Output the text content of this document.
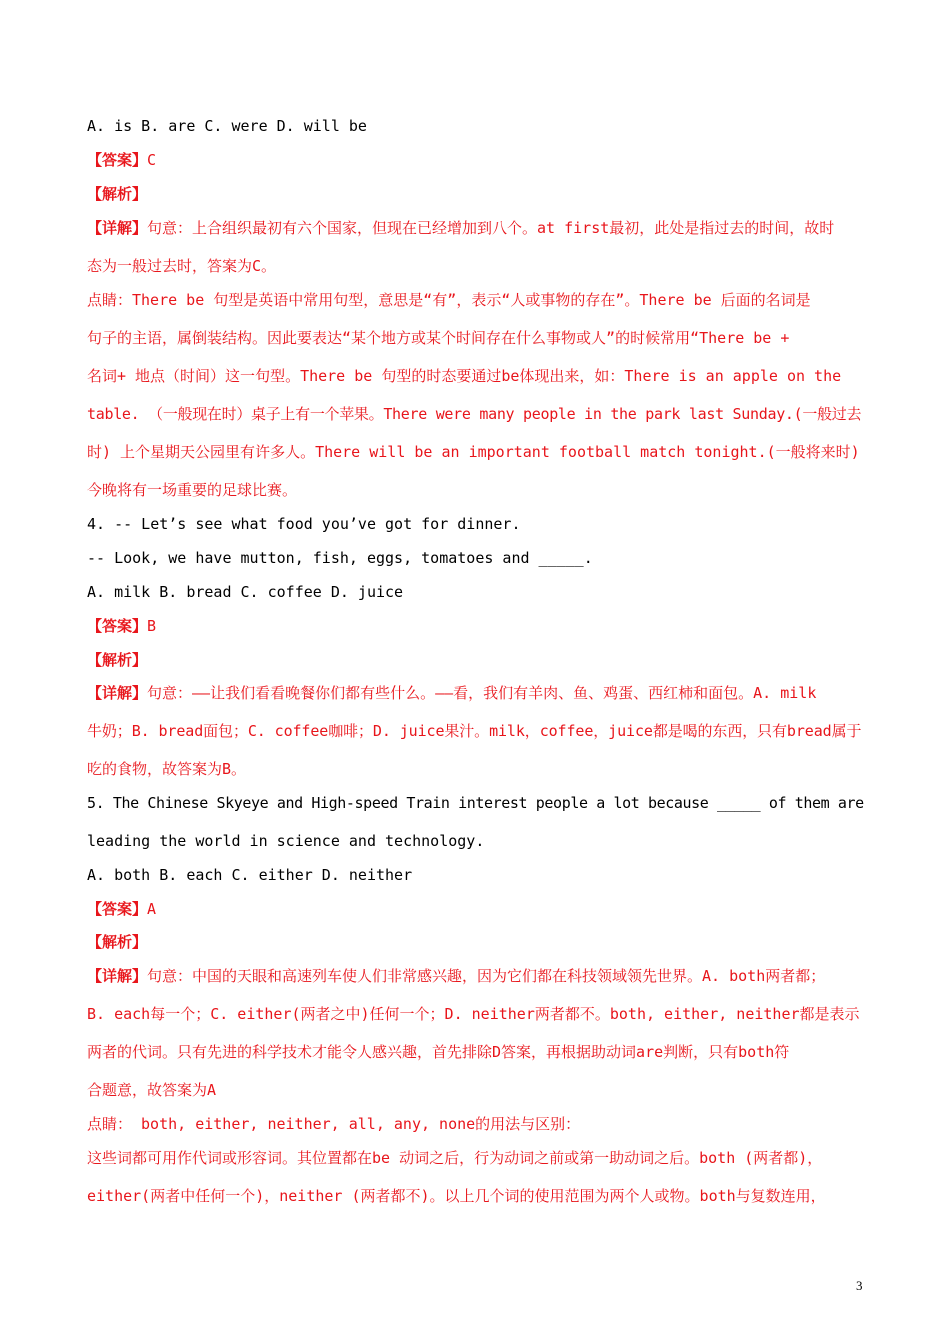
A. is B. are C. were D. will be
【答案】C
【解析】
【详解】句意：上合组织最初有六个国家，但现在已经增加到八个。at first最初，此处是指过去的时间，故时
态为一般过去时，答案为C。
点睛：There be 句型是英语中常用句型，意思是“有”，表示“人或事物的存在”。There be 后面的名词是
句子的主语，属倒装结构。因此要表达“某个地方或某个时间存在什么事物或人”的时候常用“There be +
名词+ 地点（时间）这一句型。There be 句型的时态要通过be体现出来，如：There is an apple on the
table. （一般现在时）桌子上有一个苹果。There were many people in the park last Sunday.(一般过去
时) 上个星期天公园里有许多人。There will be an important football match tonight.(一般将来时)
今晚将有一场重要的足球比赛。
4. -- Let’s see what food you’ve got for dinner.
-- Look, we have mutton, fish, eggs, tomatoes and _____.
A. milk B. bread C. coffee D. juice
【答案】B
【解析】
【详解】句意：——让我们看看晚餐你们都有些什么。——看，我们有羊肉、鱼、鸡蛋、西红柿和面包。A. milk
牛奶；B. bread面包；C. coffee咖啡；D. juice果汁。milk，coffee，juice都是喝的东西，只有bread属于
吃的食物，故答案为B。
5. The Chinese Skyeye and High-speed Train interest people a lot because _____ of them are
leading the world in science and technology.
A. both B. each C. either D. neither
【答案】A
【解析】
【详解】句意：中国的天眼和高速列车使人们非常感兴趣，因为它们都在科技领域领先世界。A. both两者都；
B. each每一个；C. either(两者之中)任何一个；D. neither两者都不。both, either, neither都是表示
两者的代词。只有先进的科学技术才能令人感兴趣，首先排除D答案，再根据助动词are判断，只有both符
合题意，故答案为A
点睛： both, either, neither, all, any, none的用法与区别：
这些词都可用作代词或形容词。其位置都在be 动词之后，行为动词之前或第一助动词之后。both (两者都)，
either(两者中任何一个)，neither (两者都不)。以上几个词的使用范围为两个人或物。both与复数连用，
3
